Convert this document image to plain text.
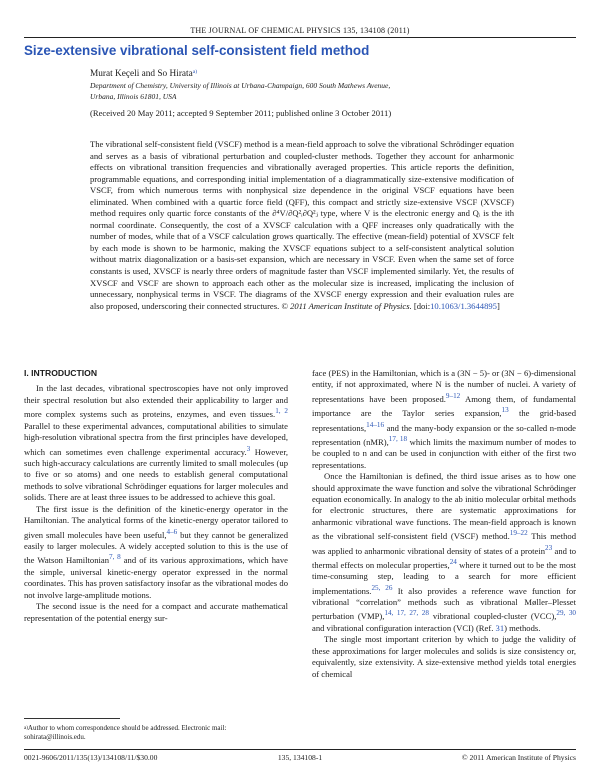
THE JOURNAL OF CHEMICAL PHYSICS 135, 134108 (2011)
Size-extensive vibrational self-consistent field method
Murat Keçeli and So Hirata$^{a)}$
Department of Chemistry, University of Illinois at Urbana-Champaign, 600 South Mathews Avenue,
Urbana, Illinois 61801, USA
(Received 20 May 2011; accepted 9 September 2011; published online 3 October 2011)
The vibrational self-consistent field (VSCF) method is a mean-field approach to solve the vibrational Schrödinger equation and serves as a basis of vibrational perturbation and coupled-cluster methods. Together they account for anharmonic effects on vibrational transition frequencies and vibrationally averaged properties. This article reports the definition, programmable equations, and corresponding initial implementation of a diagrammatically size-extensive modification of VSCF, from which numerous terms with nonphysical size dependence in the original VSCF equations have been eliminated. When combined with a quartic force field (QFF), this compact and strictly size-extensive VSCF (XVSCF) method requires only quartic force constants of the ∂⁴V/∂Q²ᵢ∂Q²ⱼ type, where V is the electronic energy and Qᵢ is the ith normal coordinate. Consequently, the cost of a XVSCF calculation with a QFF increases only quadratically with the number of modes, while that of a VSCF calculation grows quartically. The effective (mean-field) potential of XVSCF felt by each mode is shown to be harmonic, making the XVSCF equations subject to a self-consistent analytical solution without matrix diagonalization or a basis-set expansion, which are necessary in VSCF. Even when the same set of force constants is used, XVSCF is nearly three orders of magnitude faster than VSCF implemented similarly. Yet, the results of XVSCF and VSCF are shown to approach each other as the molecular size is increased, implicating the inclusion of unnecessary, nonphysical terms in VSCF. The diagrams of the XVSCF energy expression and their evaluation rules are also proposed, underscoring their connected structures. © 2011 American Institute of Physics. [doi:10.1063/1.3644895]
I. INTRODUCTION

In the last decades, vibrational spectroscopies have not only improved their spectral resolution but also extended their applicability to larger and more complex systems such as proteins, enzymes, and even tissues.$^{1, 2}$ Parallel to these experimental advances, computational abilities to simulate high-resolution vibrational spectra from the first principles have developed, which can sometimes even challenge experimental accuracy.$^3$ However, such high-accuracy calculations are currently limited to small molecules (up to five or so atoms) and one needs to establish general computational methods to solve vibrational Schrödinger equations for larger molecules and solids. There are at least three issues to be addressed to achieve this goal.

The first issue is the definition of the kinetic-energy operator in the Hamiltonian. The analytical forms of the kinetic-energy operator tailored to given small molecules have been useful,$^{4-6}$ but they cannot be generalized easily to larger molecules. A widely accepted solution to this is the use of the Watson Hamiltonian$^{7, 8}$ and of its various approximations, which have the simple, universal kinetic-energy operator expressed in the normal coordinates. This has proven satisfactory insofar as the vibrational modes do not involve large-amplitude motions.

The second issue is the need for a compact and accurate mathematical representation of the potential energy sur-

face (PES) in the Hamiltonian, which is a (3N − 5)- or (3N − 6)-dimensional entity, if not approximated, where N is the number of nuclei. A variety of representations have been proposed.$^{9-12}$ Among them, of fundamental importance are the Taylor series expansion,$^{13}$ the grid-based representations,$^{14-16}$ and the many-body expansion or the so-called n-mode representation (nMR),$^{17, 18}$ which limits the maximum number of modes to be coupled to n and can be used in conjunction with either of the first two representations.

Once the Hamiltonian is defined, the third issue arises as to how one should approximate the wave function and solve the vibrational Schrödinger equation economically. In analogy to the ab initio molecular orbital methods for electronic structures, there are systematic approximations for anharmonic vibrational wave functions. The mean-field approach is known as the vibrational self-consistent field (VSCF) method.$^{19-22}$ This method was applied to anharmonic vibrational density of states of a protein$^{23}$ and to thermal effects on molecular properties,$^{24}$ where it turned out to be the most time-consuming step, leading to a search for more efficient implementations.$^{25, 26}$ It also provides a reference wave function for vibrational “correlation” methods such as vibrational Møller–Plesset perturbation (VMP),$^{14, 17, 27, 28}$ vibrational coupled-cluster (VCC),$^{29, 30}$ and vibrational configuration interaction (VCI) (Ref. 31) methods.

The single most important criterion by which to judge the validity of these approximations for larger molecules and solids is size consistency or, equivalently, size extensivity. A size-extensive method yields total energies of chemical

$^{a)}$Author to whom correspondence should be addressed. Electronic mail: sohirata@illinois.edu.
0021-9606/2011/135(13)/134108/11/$30.00	135, 134108-1	© 2011 American Institute of Physics
